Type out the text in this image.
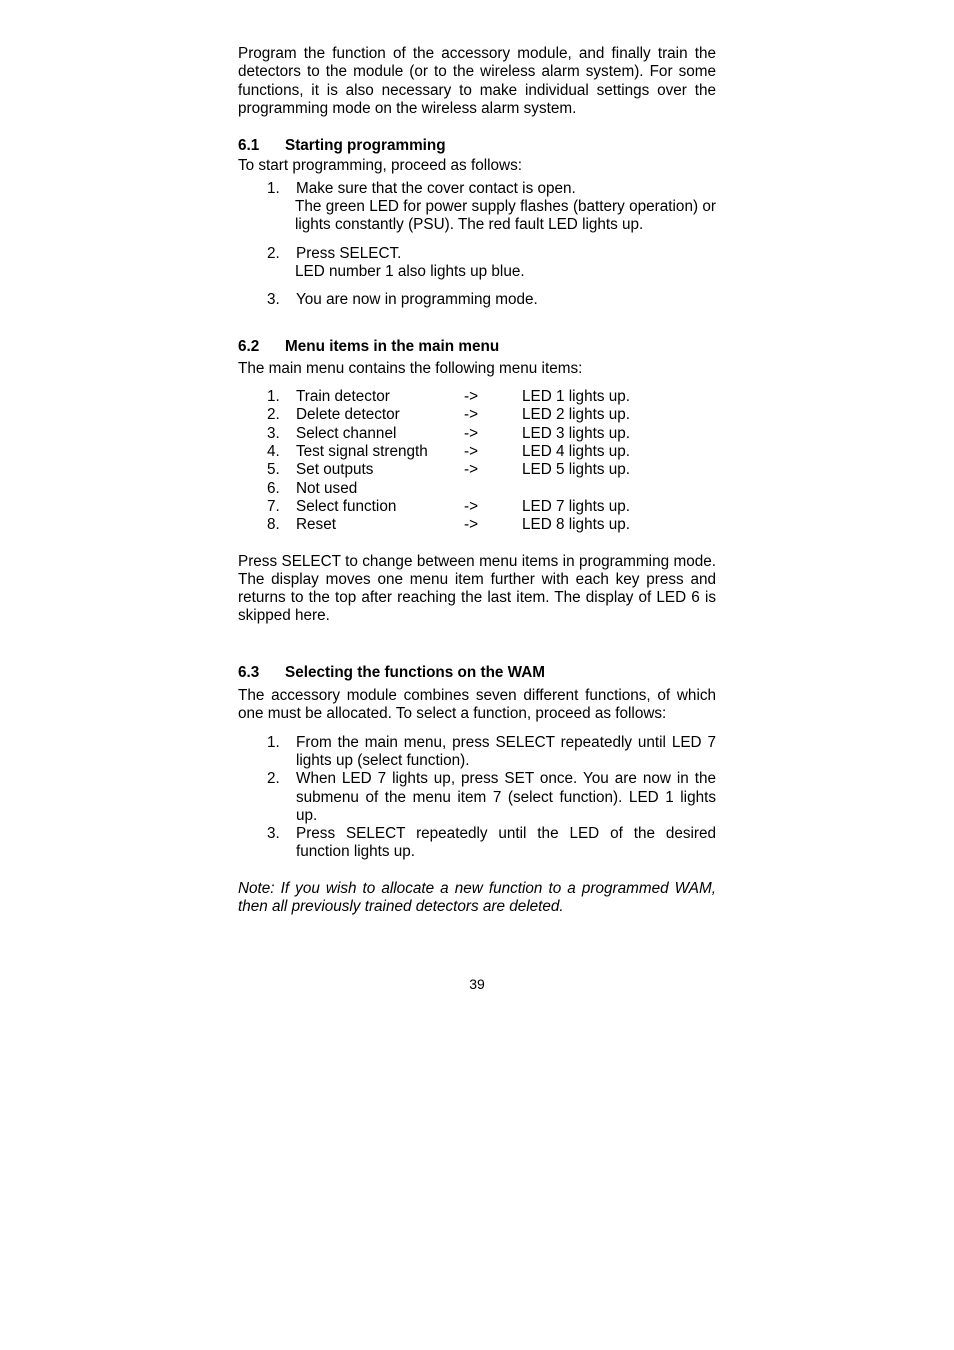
Program the function of the accessory module, and finally train the detectors to the module (or to the wireless alarm system). For some functions, it is also necessary to make individual settings over the programming mode on the wireless alarm system.

6.1	Starting programming

To start programming, proceed as follows:

1.	Make sure that the cover contact is open.

The green LED for power supply flashes (battery operation) or lights constantly (PSU). The red fault LED lights up.

2.	Press SELECT.

LED number 1 also lights up blue.

3.	You are now in programming mode.

6.2	Menu items in the main menu

The main menu contains the following menu items:

1.	Train detector	->	LED 1 lights up.
2.	Delete detector	->	LED 2 lights up.
3.	Select channel	->	LED 3 lights up.
4.	Test signal strength	->	LED 4 lights up.
5.	Set outputs	->	LED 5 lights up.
6.	Not used
7.	Select function	->	LED 7 lights up.
8.	Reset	->	LED 8 lights up.

Press SELECT to change between menu items in programming mode. The display moves one menu item further with each key press and returns to the top after reaching the last item. The display of LED 6 is skipped here.

6.3	Selecting the functions on the WAM

The accessory module combines seven different functions, of which one must be allocated. To select a function, proceed as follows:

1.	From the main menu, press SELECT repeatedly until LED 7 lights up (select function).

2.	When LED 7 lights up, press SET once. You are now in the submenu of the menu item 7 (select function). LED 1 lights up.

3.	Press SELECT repeatedly until the LED of the desired function lights up.

Note: If you wish to allocate a new function to a programmed WAM, then all previously trained detectors are deleted.

39
